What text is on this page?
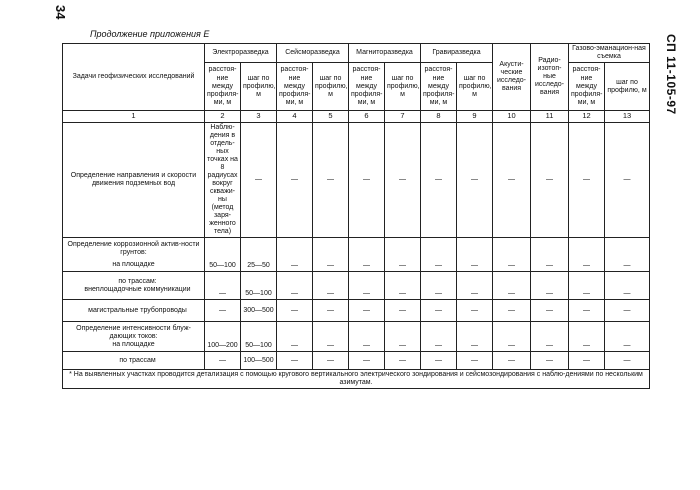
34
Продолжение приложения Е	СП 11-105-97
Задачи геофизических исследований	Электроразведка		Сейсморазведка		Магниторазведка		Гравиразведка		Акусти-ческие исследо-вания	Радио-изотоп-ные исследо-вания	Газово-эманацион-ная съемка	
	расстоя-ние между профиля-ми, м	шаг по профилю, м	расстоя-ние между профиля-ми, м	шаг по профилю, м	расстоя-ние между профиля-ми, м	шаг по профилю, м	расстоя-ние между профиля-ми, м	шаг по профилю, м			расстоя-ние между профиля-ми, м	шаг по профилю, м
1	2	3	4	5	6	7	8	9	10	11	12	13
Определение направления и скорости движения подземных вод	Наблю-дения в отдель-ных точках на 8 радиусах вокруг скважи-ны (метод заря-женного тела)	—	—	—	—	—	—	—	—	—	—	—

Определение коррозионной актив-ности грунтов:
на площадке	50—100	25—50	—	—	—	—	—	—	—	—	—	—

по трассам:
внеплощадочные коммуникации	—	50—100	—	—	—	—	—	—	—	—	—	—
магистральные трубопроводы	—	300—500	—	—	—	—	—	—	—	—	—	—

Определение интенсивности блуж-дающих токов:
на площадке	100—200	50—100	—	—	—	—	—	—	—	—	—	—
по трассам	—	100—500	—	—	—	—	—	—	—	—	—	—
* На выявленных участках проводится детализация с помощью кругового вертикального электрического зондирования и сейсмозондирования с наблю-дениями по нескольким азимутам.												
